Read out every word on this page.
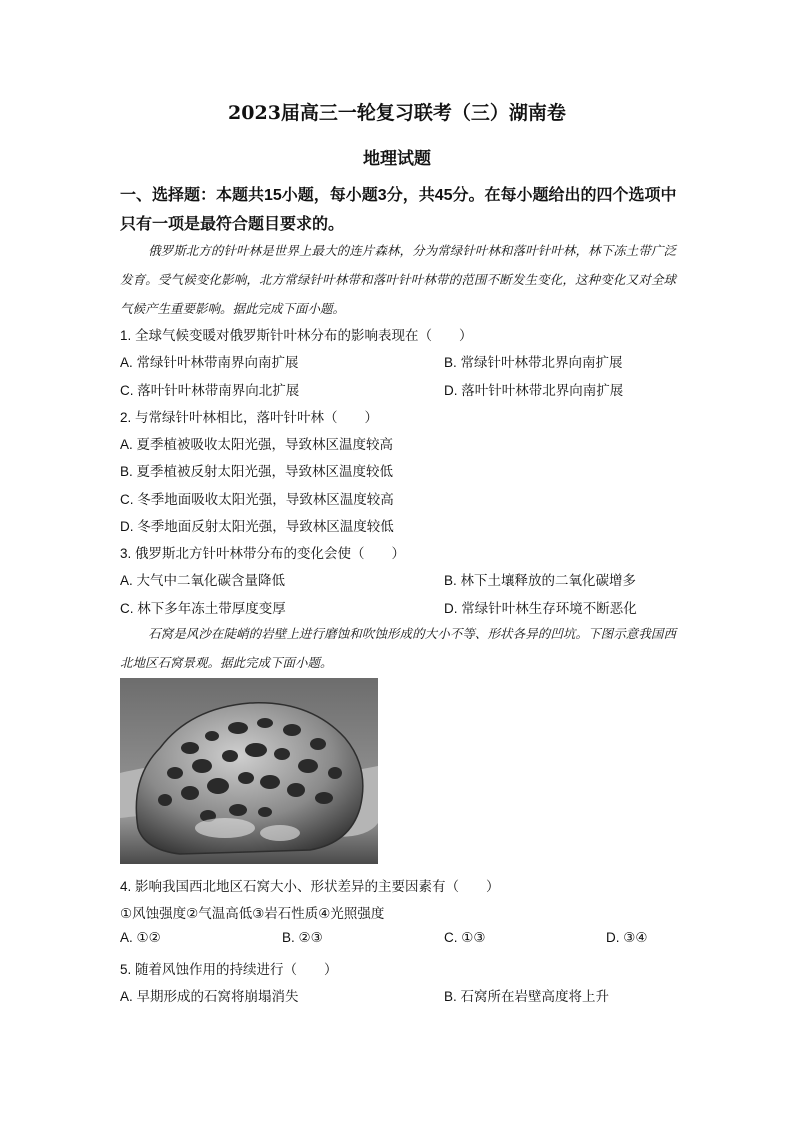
2023届高三一轮复习联考（三）湖南卷
地理试题
一、选择题：本题共15小题，每小题3分，共45分。在每小题给出的四个选项中只有一项是最符合题目要求的。
俄罗斯北方的针叶林是世界上最大的连片森林，分为常绿针叶林和落叶针叶林，林下冻土带广泛发育。受气候变化影响，北方常绿针叶林带和落叶针叶林带的范围不断发生变化，这种变化又对全球气候产生重要影响。据此完成下面小题。
1. 全球气候变暖对俄罗斯针叶林分布的影响表现在（　　）
A. 常绿针叶林带南界向南扩展	B. 常绿针叶林带北界向南扩展
C. 落叶针叶林带南界向北扩展	D. 落叶针叶林带北界向南扩展
2. 与常绿针叶林相比，落叶针叶林（　　）
A. 夏季植被吸收太阳光强，导致林区温度较高
B. 夏季植被反射太阳光强，导致林区温度较低
C. 冬季地面吸收太阳光强，导致林区温度较高
D. 冬季地面反射太阳光强，导致林区温度较低
3. 俄罗斯北方针叶林带分布的变化会使（　　）
A. 大气中二氧化碳含量降低	B. 林下土壤释放的二氧化碳增多
C. 林下多年冻土带厚度变厚	D. 常绿针叶林生存环境不断恶化
石窝是风沙在陡峭的岩壁上进行磨蚀和吹蚀形成的大小不等、形状各异的凹坑。下图示意我国西北地区石窝景观。据此完成下面小题。
4. 影响我国西北地区石窝大小、形状差异的主要因素有（　　）
①风蚀强度②气温高低③岩石性质④光照强度
A. ①②	B. ②③	C. ①③	D. ③④
5. 随着风蚀作用的持续进行（　　）
A. 早期形成的石窝将崩塌消失	B. 石窝所在岩壁高度将上升
